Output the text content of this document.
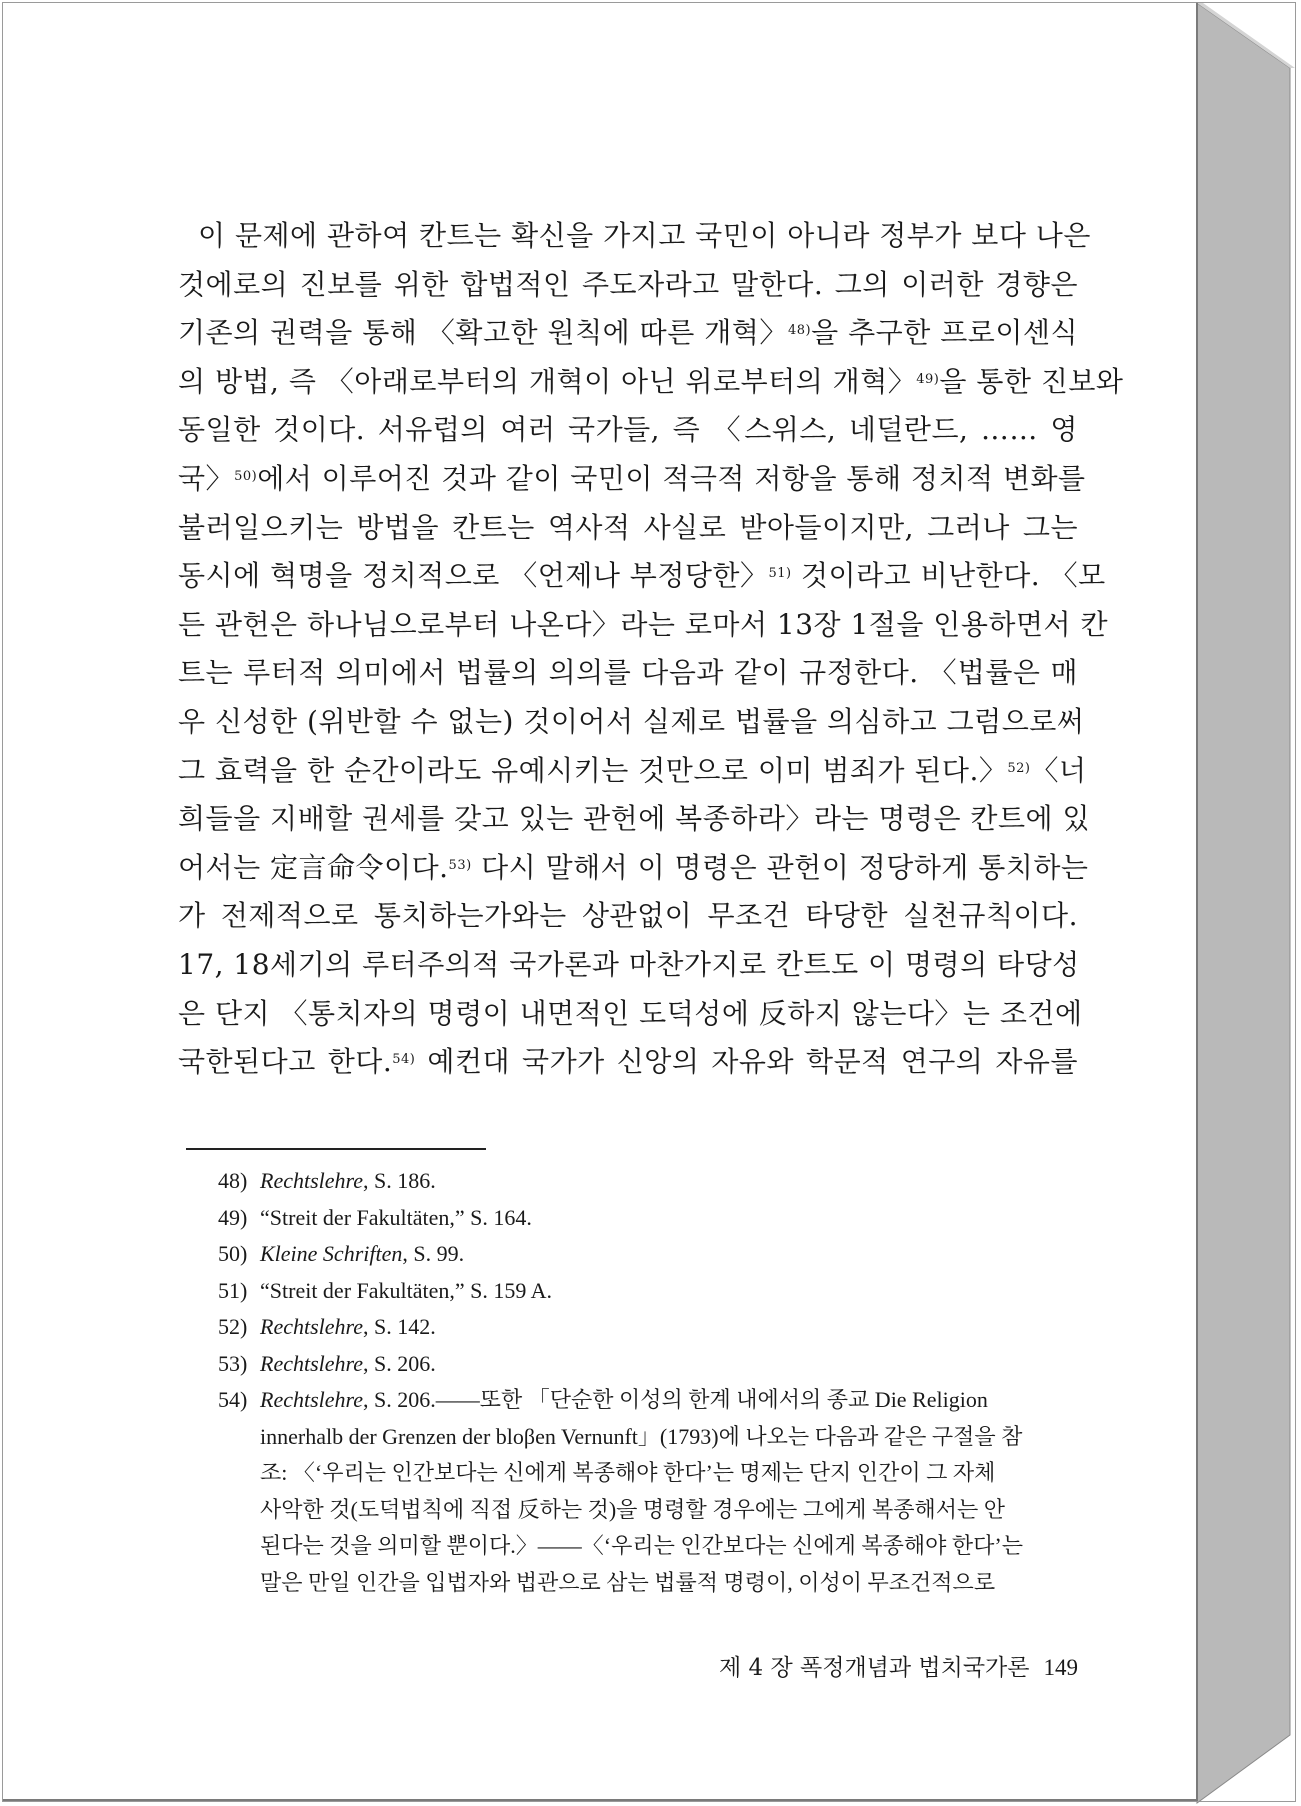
이 문제에 관하여 칸트는 확신을 가지고 국민이 아니라 정부가 보다 나은
것에로의 진보를 위한 합법적인 주도자라고 말한다. 그의 이러한 경향은
기존의 권력을 통해 〈확고한 원칙에 따른 개혁〉$^{48)}$을 추구한 프로이센식
의 방법, 즉 〈아래로부터의 개혁이 아닌 위로부터의 개혁〉$^{49)}$을 통한 진보와
동일한 것이다. 서유럽의 여러 국가들, 즉 〈스위스, 네덜란드, …… 영
국〉$^{50)}$에서 이루어진 것과 같이 국민이 적극적 저항을 통해 정치적 변화를
불러일으키는 방법을 칸트는 역사적 사실로 받아들이지만, 그러나 그는
동시에 혁명을 정치적으로 〈언제나 부정당한〉$^{51)}$ 것이라고 비난한다. 〈모
든 관헌은 하나님으로부터 나온다〉라는 로마서 13장 1절을 인용하면서 칸
트는 루터적 의미에서 법률의 의의를 다음과 같이 규정한다. 〈법률은 매
우 신성한 (위반할 수 없는) 것이어서 실제로 법률을 의심하고 그럼으로써
그 효력을 한 순간이라도 유예시키는 것만으로 이미 범죄가 된다.〉$^{52)}$〈너
희들을 지배할 권세를 갖고 있는 관헌에 복종하라〉라는 명령은 칸트에 있
어서는 定言命令이다.$^{53)}$ 다시 말해서 이 명령은 관헌이 정당하게 통치하는
가 전제적으로 통치하는가와는 상관없이 무조건 타당한 실천규칙이다.
17, 18세기의 루터주의적 국가론과 마찬가지로 칸트도 이 명령의 타당성
은 단지 〈통치자의 명령이 내면적인 도덕성에 反하지 않는다〉는 조건에
국한된다고 한다.$^{54)}$ 예컨대 국가가 신앙의 자유와 학문적 연구의 자유를
48) Rechtslehre, S. 186.
49) “Streit der Fakultäten,” S. 164.
50) Kleine Schriften, S. 99.
51) “Streit der Fakultäten,” S. 159 A.
52) Rechtslehre, S. 142.
53) Rechtslehre, S. 206.
54) Rechtslehre, S. 206.――또한 「단순한 이성의 한계 내에서의 종교 Die Religion
innerhalb der Grenzen der bloβen Vernunft」(1793)에 나오는 다음과 같은 구절을 참
조: 〈‘우리는 인간보다는 신에게 복종해야 한다’는 명제는 단지 인간이 그 자체
사악한 것(도덕법칙에 직접 反하는 것)을 명령할 경우에는 그에게 복종해서는 안
된다는 것을 의미할 뿐이다.〉――〈‘우리는 인간보다는 신에게 복종해야 한다’는
말은 만일 인간을 입법자와 법관으로 삼는 법률적 명령이, 이성이 무조건적으로
제 4 장 폭정개념과 법치국가론 149
